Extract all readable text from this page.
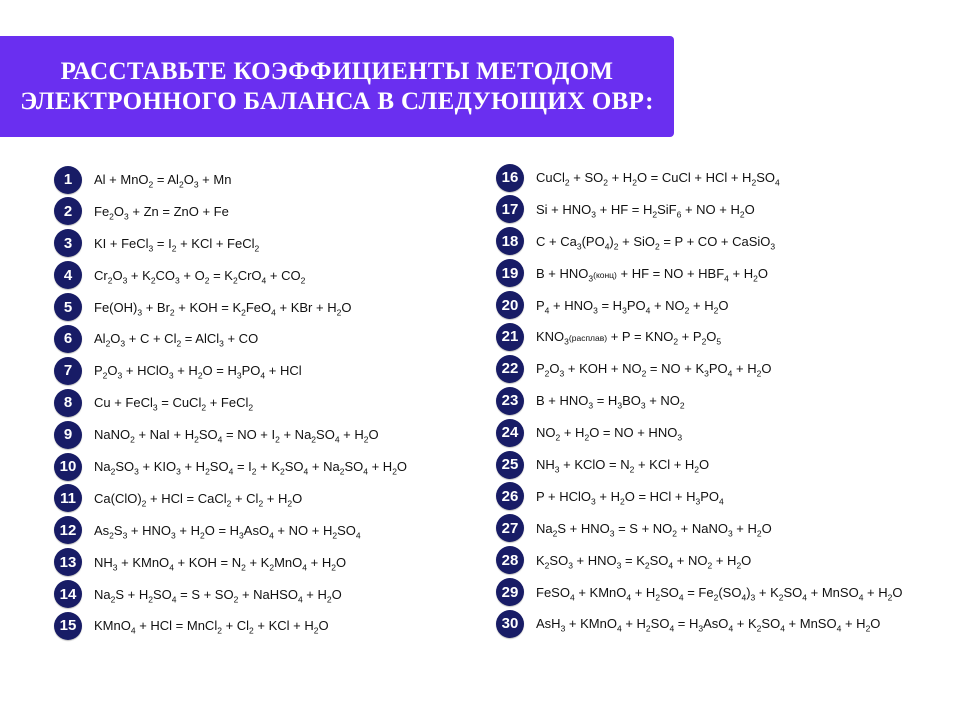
РАССТАВЬТЕ КОЭФФИЦИЕНТЫ МЕТОДОМ
ЭЛЕКТРОННОГО БАЛАНСА В СЛЕДУЮЩИХ ОВР:
1	$Al + MnO_2 = Al_2O_3 + Mn$
2	$Fe_2O_3 + Zn$ = ZnO + Fe
3	KI + FeCl$_3$ = $I_2$ + KCl + FeCl$_2$
4	$Cr_2O_3 + K_2CO_3 + O_2 = K_2CrO_4 + CO_2$
5	$Fe(OH)_3 + Br_2$ + KOH = $K_2FeO_4$ + KBr + $H_2O$
6	$Al_2O_3 + C + Cl_2$ = AlCl$_3$ + CO
7	$P_2O_3$ + HClO$_3$ + $H_2O = H_3PO_4$ + HCl
8	Cu + FeCl$_3$ = CuCl$_2$ + FeCl$_2$
9	NaNO$_2$ + NaI + $H_2SO_4$ = NO + $I_2 + Na_2SO_4 + H_2O$
10	$Na_2SO_3 + KIO_3 + H_2SO_4 = I_2 + K_2SO_4 + Na_2SO_4 + H_2O$
11	$Ca(ClO)_2$ + HCl = CaCl$_2$ + $Cl_2 + H_2O$
12	$As_2S_3 + HNO_3 + H_2O = H_3AsO_4$ + NO + $H_2SO_4$
13	$NH_3$ + KMnO$_4$ + KOH = $N_2 + K_2MnO_4 + H_2O$
14	$Na_2S + H_2SO_4 = S + SO_2$ + NaHSO$_4$ + $H_2O$
15	KMnO$_4$ + HCl = MnCl$_2$ + $Cl_2$ + KCl + $H_2O$
16	CuCl$_2$ + $SO_2 + H_2O$ = CuCl + HCl + $H_2SO_4$
17	$Si + HNO_3$ + HF = $H_2SiF_6$ + NO + $H_2O$
18	$C + Ca_3(PO_4)_2 + SiO_2 = P$ + CO + CaSiO$_3$
19	$B + HNO_3(конц)$ + HF = NO + $HBF_4 + H_2O$
20	$P_4 + HNO_3 = H_3PO_4 + NO_2 + H_2O$
21	$KNO_3(расплав) + P = KNO_2 + P_2O_5$
22	$P_2O_3$ + KOH + $NO_2$ = NO + $K_3PO_4 + H_2O$
23	$B + HNO_3 = H_3BO_3 + NO_2$
24	$NO_2 + H_2O$ = NO + $HNO_3$
25	$NH_3$ + KClO = $N_2$ + KCl + $H_2O$
26	P + HClO$_3$ + $H_2O$ = HCl + $H_3PO_4$
27	$Na_2S + HNO_3 = S + NO_2$ + NaNO$_3$ + $H_2O$
28	$K_2SO_3 + HNO_3 = K_2SO_4 + NO_2 + H_2O$
29	FeSO$_4$ + KMnO$_4$ + $H_2SO_4 = Fe_2(SO_4)_3 + K_2SO_4$ + MnSO$_4$ + $H_2O$
30	AsH$_3$ + KMnO$_4$ + $H_2SO_4 = H_3AsO_4 + K_2SO_4$ + MnSO$_4$ + $H_2O$
